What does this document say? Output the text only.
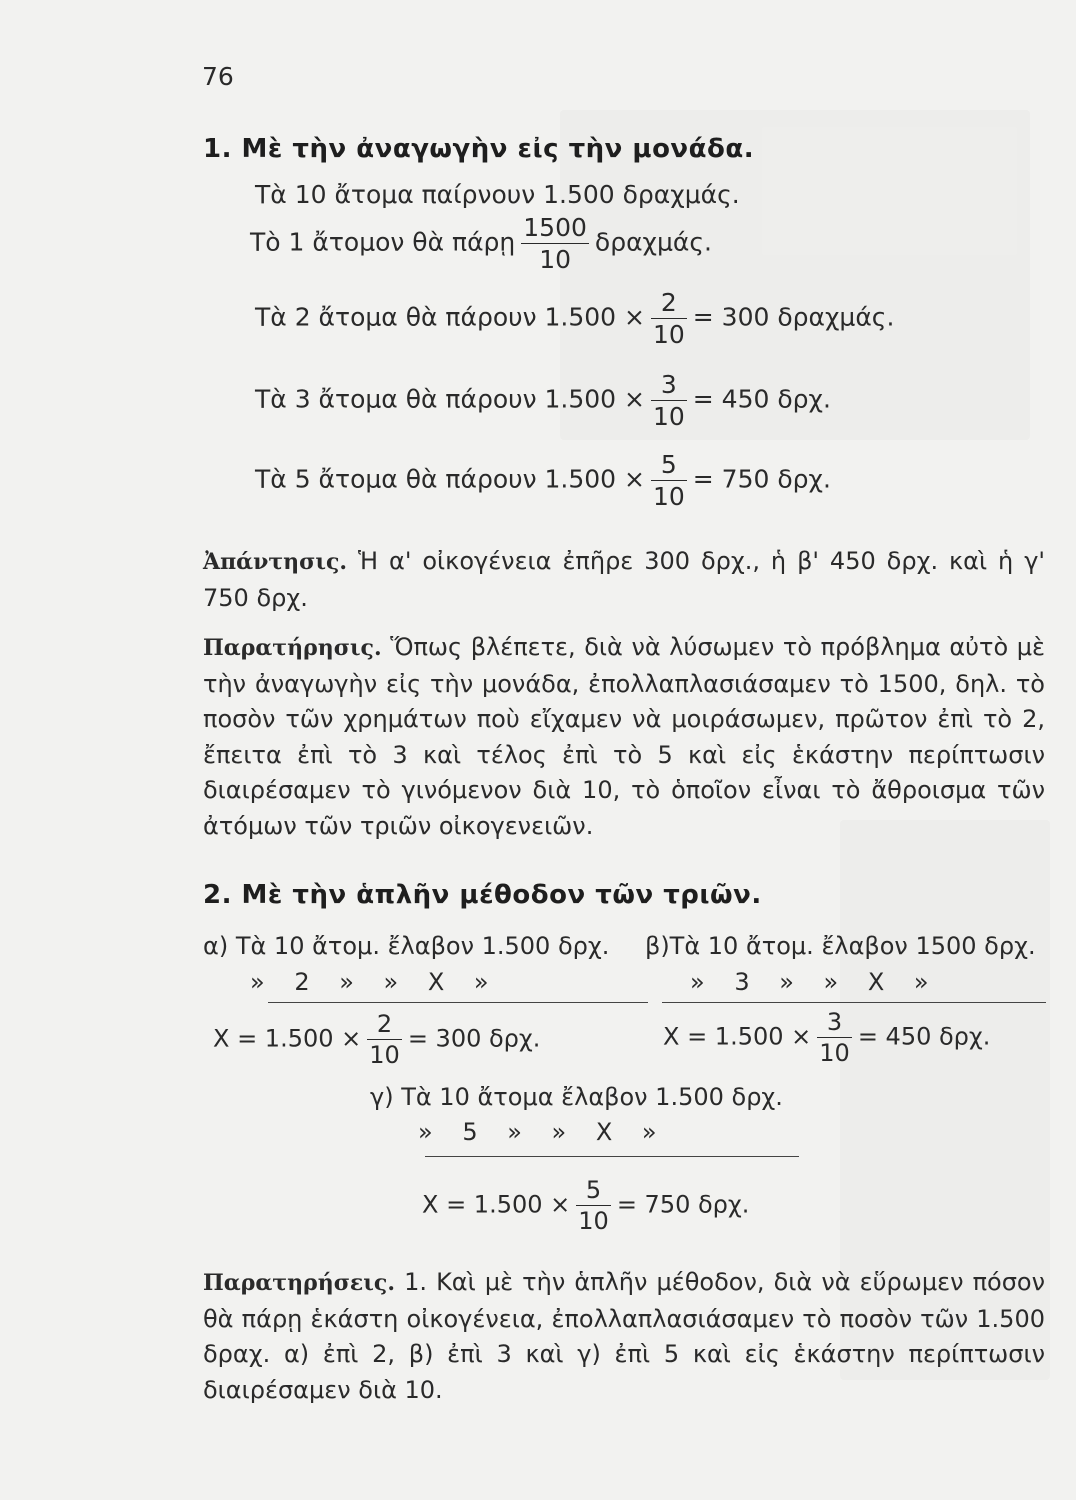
76
1. Μὲ τὴν ἀναγωγὴν εἰς τὴν μονάδα.
Τὰ 10 ἄτομα παίρνουν 1.500 δραχμάς.
Τὸ 1 ἄτομον θὰ πάρῃ $\frac{1500}{10} \delta\rho\alpha\chi\mu ά\varsigma$.
Τὰ 2 ἄτομα θὰ πάρουν $1.500 \times \frac{2}{10} = 300$ δραχμάς.
Τὰ 3 ἄτομα θὰ πάρουν $1.500 \times \frac{3}{10} = 450$ δρχ.
Τὰ 5 ἄτομα θὰ πάρουν $1.500 \times \frac{5}{10} = 750$ δρχ.
Ἀπάντησις. Ἡ α' οἰκογένεια ἐπῆρε 300 δρχ., ἡ β' 450 δρχ. καὶ ἡ γ' 750 δρχ.
Παρατήρησις. Ὅπως βλέπετε, διὰ νὰ λύσωμεν τὸ πρόβλημα αὐτὸ μὲ τὴν ἀναγωγὴν εἰς τὴν μονάδα, ἐπολλαπλασιάσαμεν τὸ 1500, δηλ. τὸ ποσὸν τῶν χρημάτων ποὺ εἴχαμεν νὰ μοιράσωμεν, πρῶτον ἐπὶ τὸ 2, ἔπειτα ἐπὶ τὸ 3 καὶ τέλος ἐπὶ τὸ 5 καὶ εἰς ἑκάστην περίπτωσιν διαιρέσαμεν τὸ γινόμενον διὰ 10, τὸ ὁποῖον εἶναι τὸ ἄθροισμα τῶν ἀτόμων τῶν τριῶν οἰκογενειῶν.
2. Μὲ τὴν ἁπλῆν μέθοδον τῶν τριῶν.
α) Τὰ 10 ἄτομ. ἔλαβον 1.500 δρχ. β)Τὰ 10 ἄτομ. ἔλαβον 1500 δρχ.
» 2 » » Χ »	» 3 » » Χ »
$X = 1.500 \times \frac{2}{10} = 300$ δρχ.	$X = 1.500 \times \frac{3}{10} = 450$ δρχ.
γ) Τὰ 10 ἄτομα ἔλαβον 1.500 δρχ.
» 5 » » Χ »
$X = 1.500 \times \frac{5}{10} = 750$ δρχ.
Παρατηρήσεις. 1. Καὶ μὲ τὴν ἁπλῆν μέθοδον, διὰ νὰ εὕρωμεν πόσον θὰ πάρῃ ἑκάστη οἰκογένεια, ἐπολλαπλασιάσαμεν τὸ ποσὸν τῶν 1.500 δραχ. α) ἐπὶ 2, β) ἐπὶ 3 καὶ γ) ἐπὶ 5 καὶ εἰς ἑκάστην περίπτωσιν διαιρέσαμεν διὰ 10.
